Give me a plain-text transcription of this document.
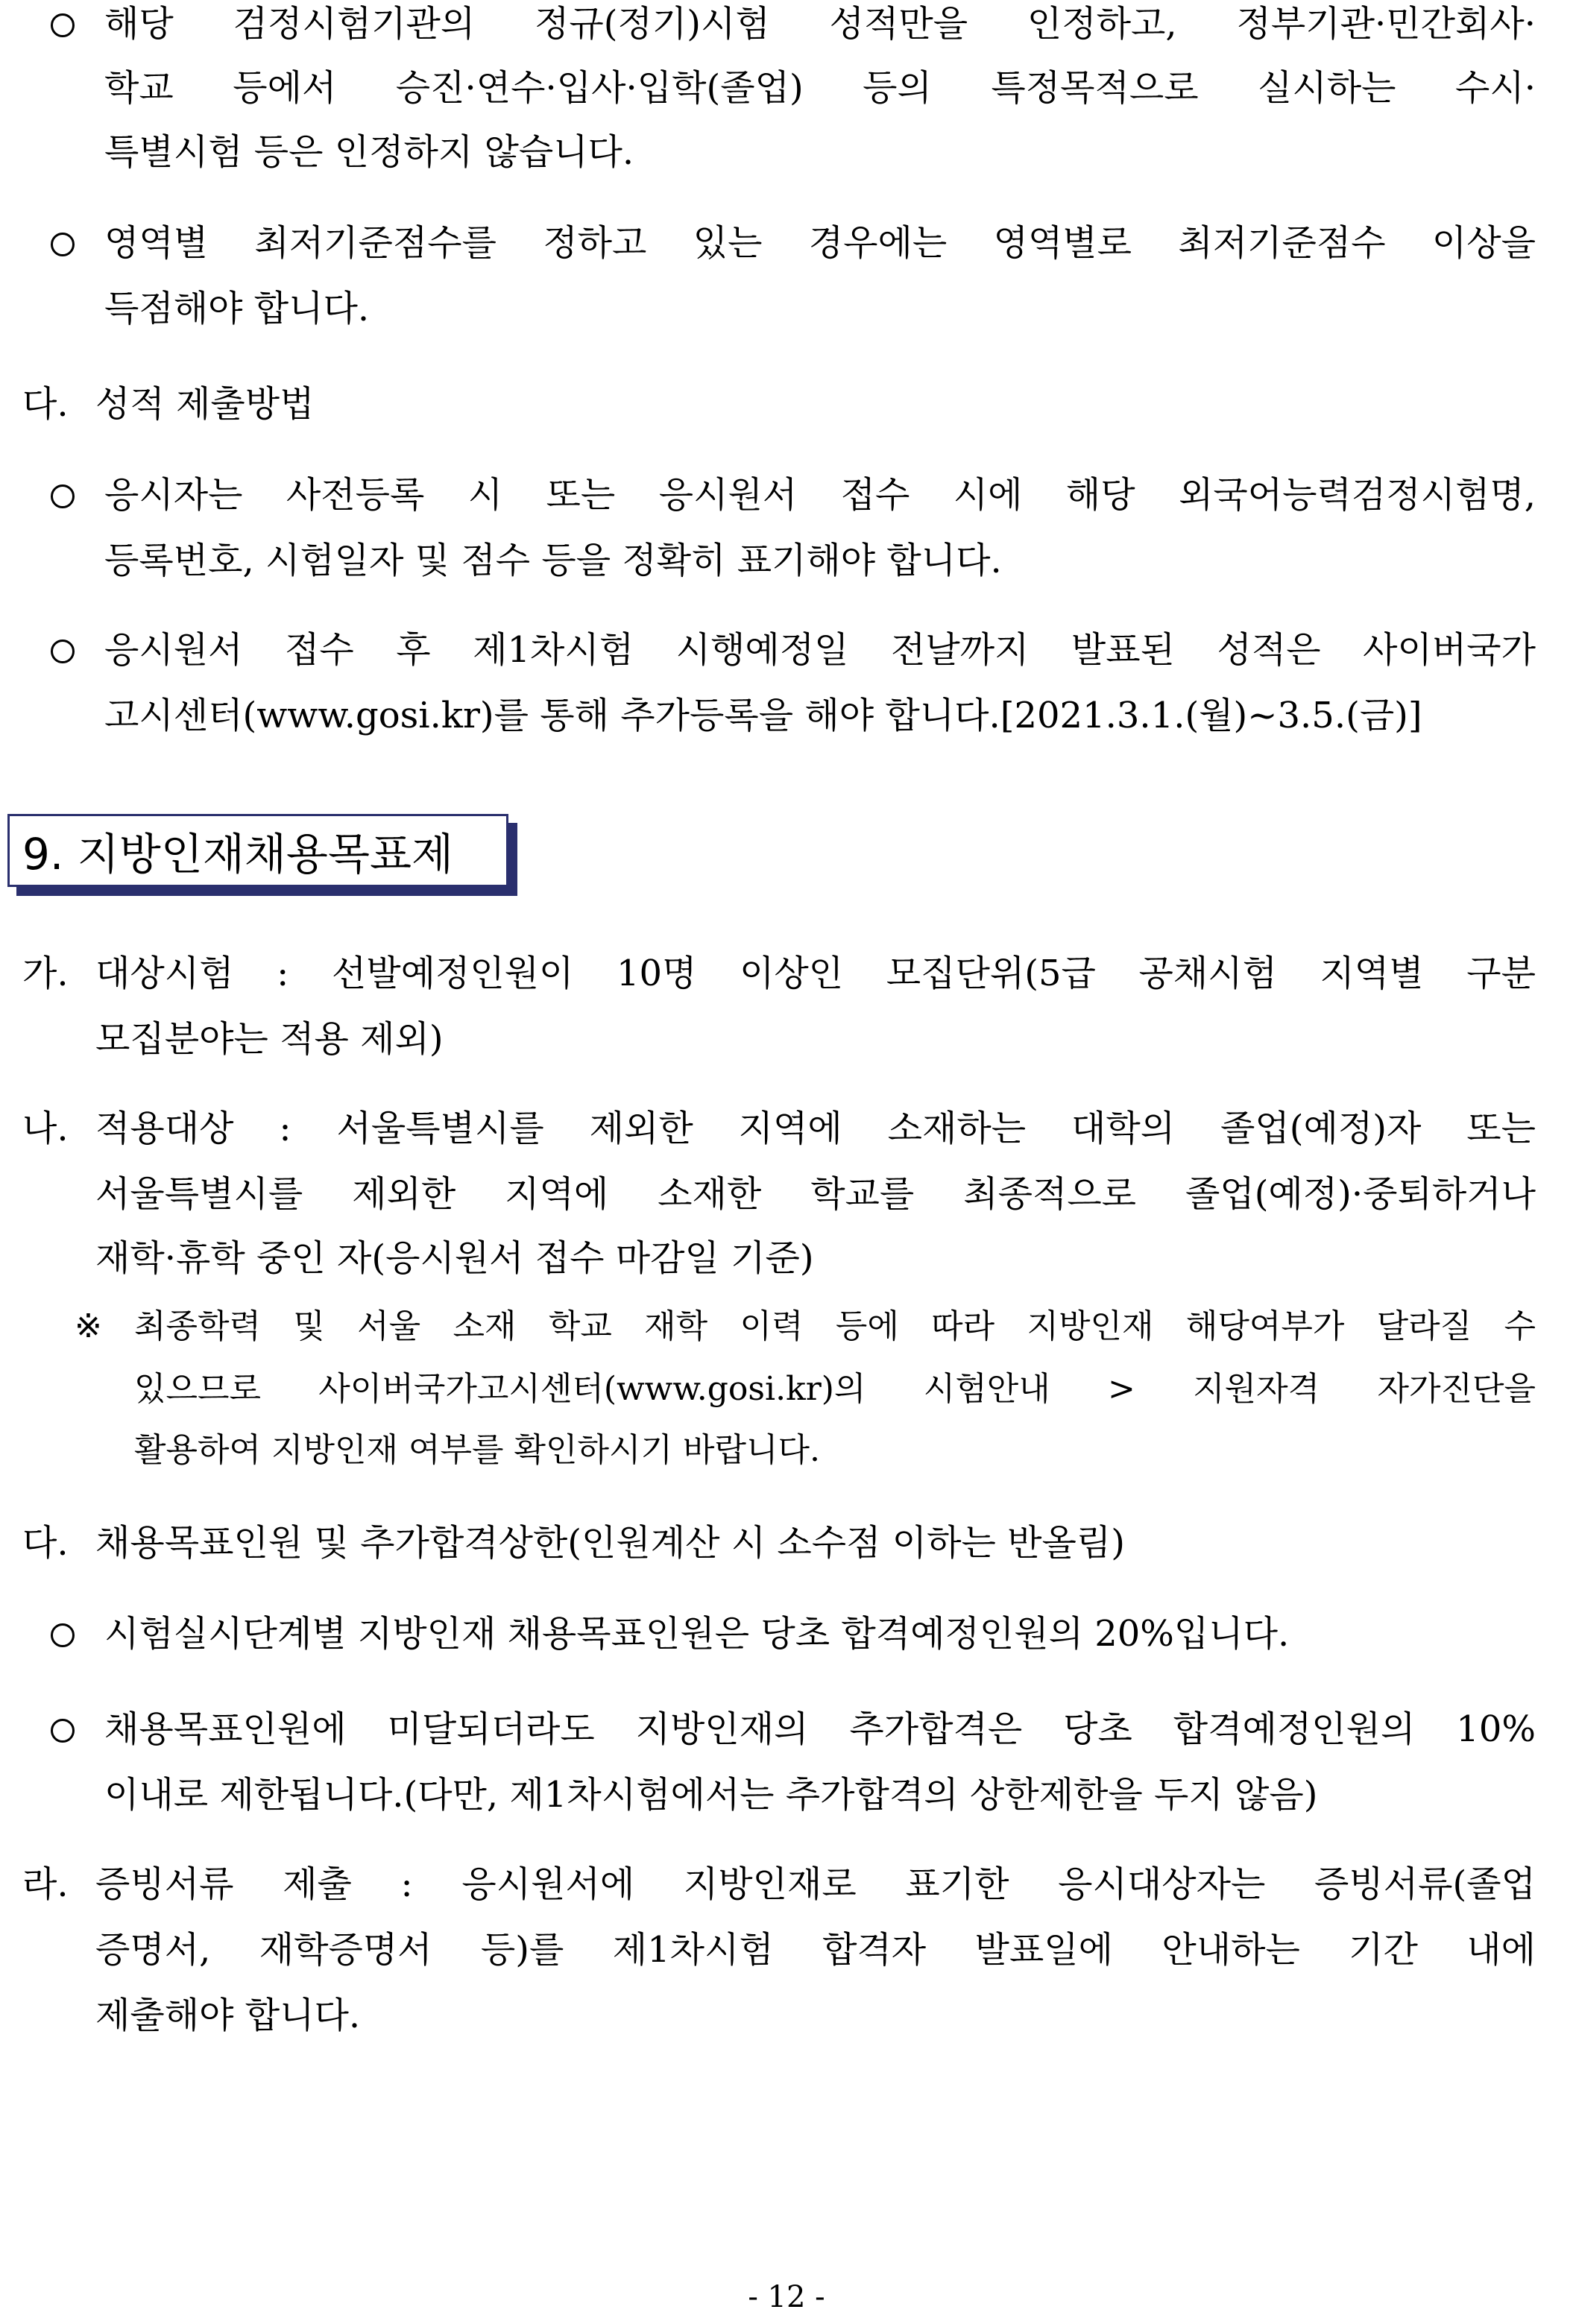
해당 검정시험기관의 정규(정기)시험 성적만을 인정하고, 정부기관·민간회사·
학교 등에서 승진·연수·입사·입학(졸업) 등의 특정목적으로 실시하는 수시·
특별시험 등은 인정하지 않습니다.
영역별 최저기준점수를 정하고 있는 경우에는 영역별로 최저기준점수 이상을
득점해야 합니다.
다. 성적 제출방법
응시자는 사전등록 시 또는 응시원서 접수 시에 해당 외국어능력검정시험명,
등록번호, 시험일자 및 점수 등을 정확히 표기해야 합니다.
응시원서 접수 후 제1차시험 시행예정일 전날까지 발표된 성적은 사이버국가
고시센터(www.gosi.kr)를 통해 추가등록을 해야 합니다.[2021.3.1.(월)~3.5.(금)]
9. 지방인재채용목표제
가. 대상시험 : 선발예정인원이 10명 이상인 모집단위(5급 공채시험 지역별 구분
모집분야는 적용 제외)
나. 적용대상 : 서울특별시를 제외한 지역에 소재하는 대학의 졸업(예정)자 또는
서울특별시를 제외한 지역에 소재한 학교를 최종적으로 졸업(예정)·중퇴하거나
재학·휴학 중인 자(응시원서 접수 마감일 기준)
※ 최종학력 및 서울 소재 학교 재학 이력 등에 따라 지방인재 해당여부가 달라질 수
있으므로 사이버국가고시센터(www.gosi.kr)의 시험안내 > 지원자격 자가진단을
활용하여 지방인재 여부를 확인하시기 바랍니다.
다. 채용목표인원 및 추가합격상한(인원계산 시 소수점 이하는 반올림)
시험실시단계별 지방인재 채용목표인원은 당초 합격예정인원의 20%입니다.
채용목표인원에 미달되더라도 지방인재의 추가합격은 당초 합격예정인원의 10%
이내로 제한됩니다.(다만, 제1차시험에서는 추가합격의 상한제한을 두지 않음)
라. 증빙서류 제출 : 응시원서에 지방인재로 표기한 응시대상자는 증빙서류(졸업
증명서, 재학증명서 등)를 제1차시험 합격자 발표일에 안내하는 기간 내에
제출해야 합니다.
- 12 -
